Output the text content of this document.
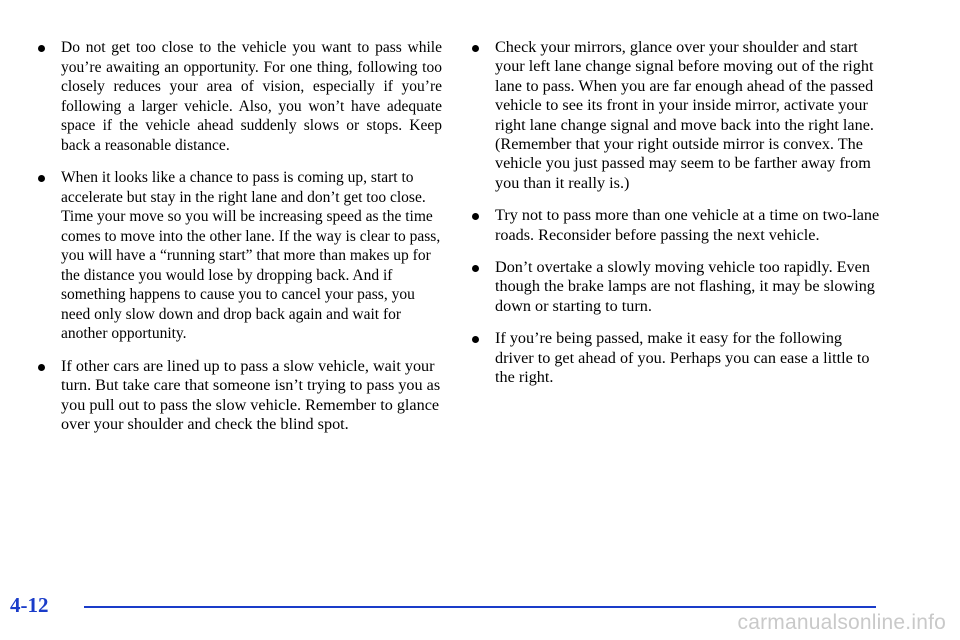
Do not get too close to the vehicle you want to pass while you’re awaiting an opportunity. For one thing, following too closely reduces your area of vision, especially if you’re following a larger vehicle. Also, you won’t have adequate space if the vehicle ahead suddenly slows or stops. Keep back a reasonable distance.
When it looks like a chance to pass is coming up, start to accelerate but stay in the right lane and don’t get too close. Time your move so you will be increasing speed as the time comes to move into the other lane. If the way is clear to pass, you will have a “running start” that more than makes up for the distance you would lose by dropping back. And if something happens to cause you to cancel your pass, you need only slow down and drop back again and wait for another opportunity.
If other cars are lined up to pass a slow vehicle, wait your turn. But take care that someone isn’t trying to pass you as you pull out to pass the slow vehicle. Remember to glance over your shoulder and check the blind spot.
Check your mirrors, glance over your shoulder and start your left lane change signal before moving out of the right lane to pass. When you are far enough ahead of the passed vehicle to see its front in your inside mirror, activate your right lane change signal and move back into the right lane. (Remember that your right outside mirror is convex. The vehicle you just passed may seem to be farther away from you than it really is.)
Try not to pass more than one vehicle at a time on two-lane roads. Reconsider before passing the next vehicle.
Don’t overtake a slowly moving vehicle too rapidly. Even though the brake lamps are not flashing, it may be slowing down or starting to turn.
If you’re being passed, make it easy for the following driver to get ahead of you. Perhaps you can ease a little to the right.
4-12
carmanualsonline.info
